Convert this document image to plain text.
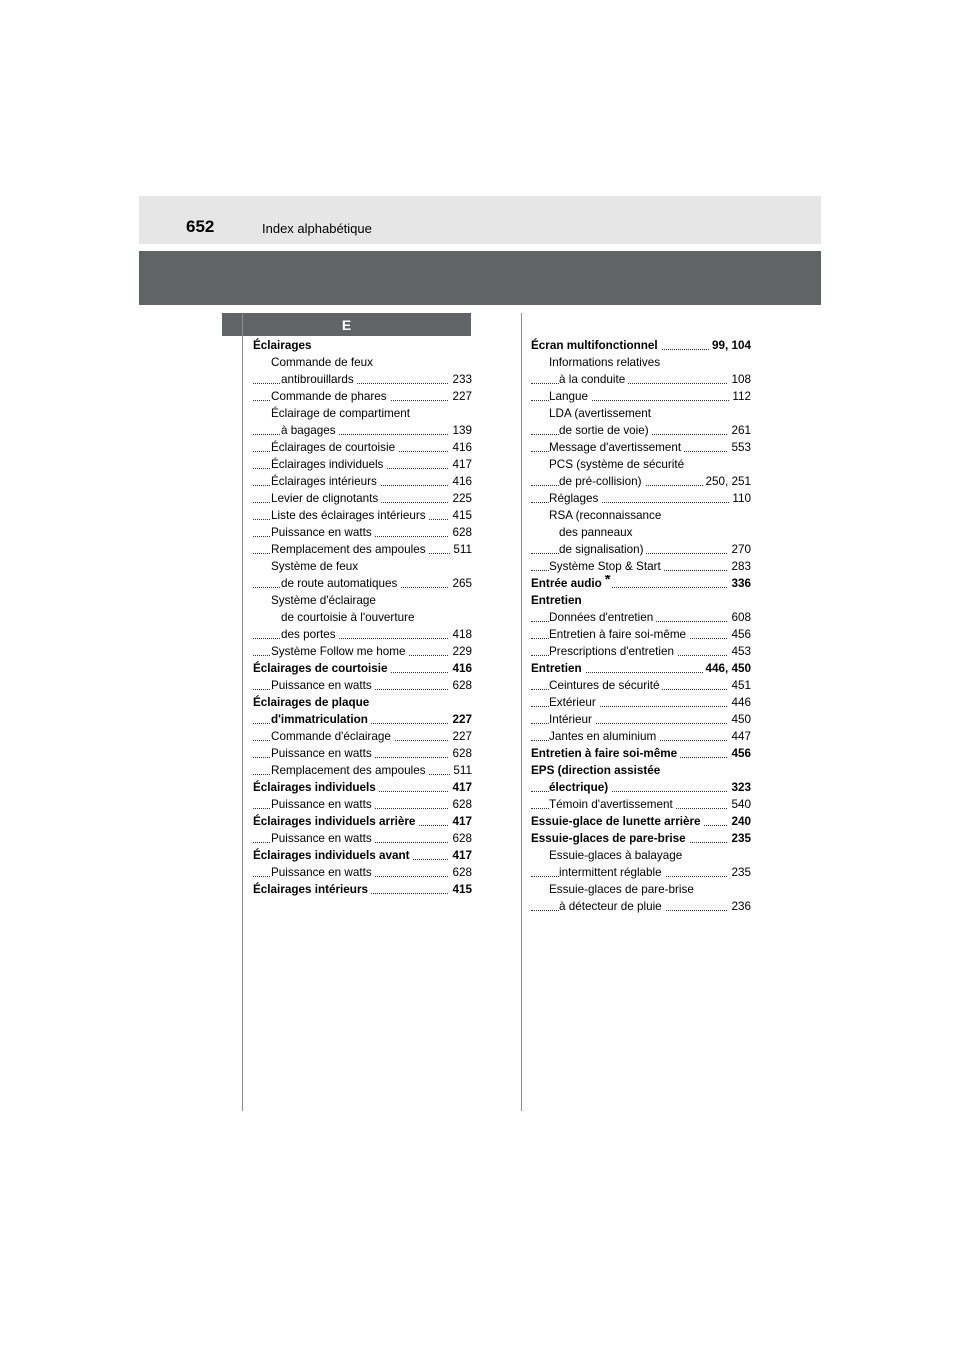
652	Index alphabétique
E
Éclairages
Commande de feux
antibrouillards	233
Commande de phares	227
Éclairage de compartiment
à bagages	139
Éclairages de courtoisie	416
Éclairages individuels	417
Éclairages intérieurs	416
Levier de clignotants	225
Liste des éclairages intérieurs 415
Puissance en watts	628
Remplacement des ampoules 511
Système de feux
de route automatiques	265
Système d'éclairage
de courtoisie à l'ouverture
des portes	418
Système Follow me home	229
Éclairages de courtoisie	416
Puissance en watts	628
Éclairages de plaque
d'immatriculation	227
Commande d'éclairage	227
Puissance en watts	628
Remplacement des ampoules 511
Éclairages individuels	417
Puissance en watts	628
Éclairages individuels arrière	417
Puissance en watts	628
Éclairages individuels avant	417
Puissance en watts	628
Éclairages intérieurs	415
Écran multifonctionnel	99, 104
Informations relatives
à la conduite	108
Langue	112
LDA (avertissement
de sortie de voie)	261
Message d'avertissement	553
PCS (système de sécurité
de pré-collision)	250, 251
Réglages	110
RSA (reconnaissance
des panneaux
de signalisation)	270
Système Stop & Start	283
Entrée audio *	336
Entretien
Données d'entretien	608
Entretien à faire soi-même	456
Prescriptions d'entretien	453
Entretien	446, 450
Ceintures de sécurité	451
Extérieur	446
Intérieur	450
Jantes en aluminium	447
Entretien à faire soi-même	456
EPS (direction assistée
électrique)	323
Témoin d'avertissement	540
Essuie-glace de lunette arrière	240
Essuie-glaces de pare-brise	235
Essuie-glaces à balayage
intermittent réglable	235
Essuie-glaces de pare-brise
à détecteur de pluie	236
